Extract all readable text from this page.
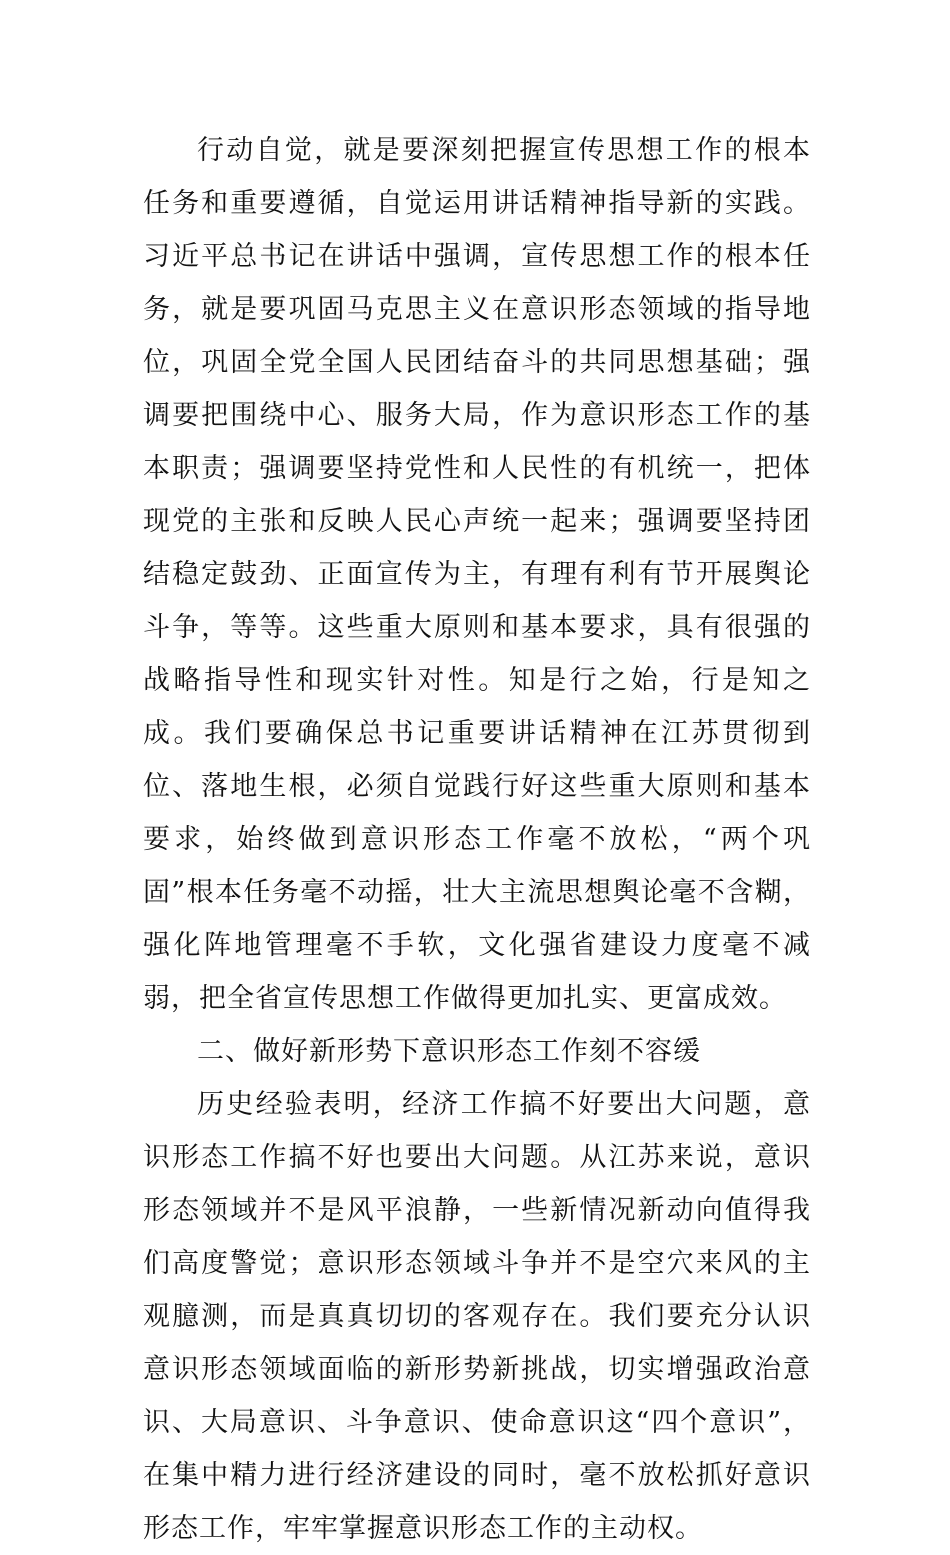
行动自觉，就是要深刻把握宣传思想工作的根本任务和重要遵循，自觉运用讲话精神指导新的实践。习近平总书记在讲话中强调，宣传思想工作的根本任务，就是要巩固马克思主义在意识形态领域的指导地位，巩固全党全国人民团结奋斗的共同思想基础；强调要把围绕中心、服务大局，作为意识形态工作的基本职责；强调要坚持党性和人民性的有机统一，把体现党的主张和反映人民心声统一起来；强调要坚持团结稳定鼓劲、正面宣传为主，有理有利有节开展舆论斗争，等等。这些重大原则和基本要求，具有很强的战略指导性和现实针对性。知是行之始，行是知之成。我们要确保总书记重要讲话精神在江苏贯彻到位、落地生根，必须自觉践行好这些重大原则和基本要求，始终做到意识形态工作毫不放松，“两个巩固”根本任务毫不动摇，壮大主流思想舆论毫不含糊，强化阵地管理毫不手软，文化强省建设力度毫不减弱，把全省宣传思想工作做得更加扎实、更富成效。

二、做好新形势下意识形态工作刻不容缓

历史经验表明，经济工作搞不好要出大问题，意识形态工作搞不好也要出大问题。从江苏来说，意识形态领域并不是风平浪静，一些新情况新动向值得我们高度警觉；意识形态领域斗争并不是空穴来风的主观臆测，而是真真切切的客观存在。我们要充分认识意识形态领域面临的新形势新挑战，切实增强政治意识、大局意识、斗争意识、使命意识这“四个意识”，在集中精力进行经济建设的同时，毫不放松抓好意识形态工作，牢牢掌握意识形态工作的主动权。
